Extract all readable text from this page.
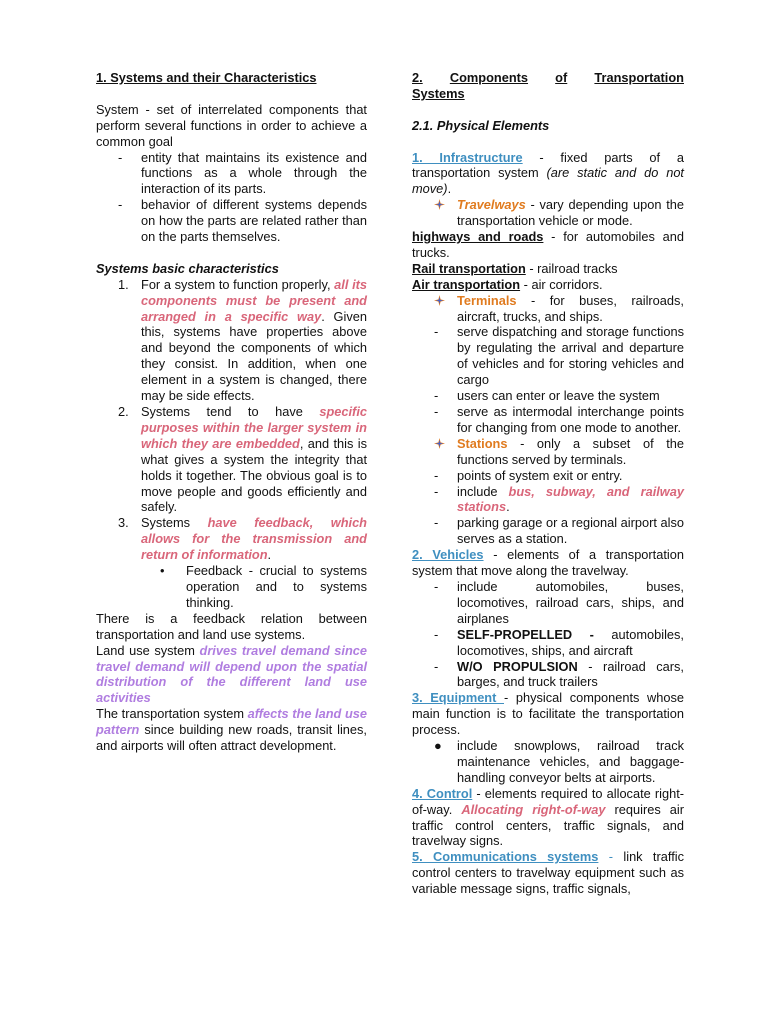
1. Systems and their Characteristics

System - set of interrelated components that perform several functions in order to achieve a common goal

-	entity that maintains its existence and functions as a whole through the interaction of its parts.
-	behavior of different systems depends on how the parts are related rather than on the parts themselves.

Systems basic characteristics

1. For a system to function properly, all its components must be present and arranged in a specific way. Given this, systems have properties above and beyond the components of which they consist. In addition, when one element in a system is changed, there may be side effects.
2. Systems tend to have specific purposes within the larger system in which they are embedded, and this is what gives a system the integrity that holds it together. The obvious goal is to move people and goods efficiently and safely.
3. Systems have feedback, which allows for the transmission and return of information.
•	Feedback - crucial to systems operation and to systems thinking.

There is a feedback relation between transportation and land use systems.

Land use system drives travel demand since travel demand will depend upon the spatial distribution of the different land use activities

The transportation system affects the land use pattern since building new roads, transit lines, and airports will often attract development.

2. Components of Transportation

Systems

2.1. Physical Elements

1. Infrastructure - fixed parts of a transportation system (are static and do not move).

Travelways - vary depending upon the transportation vehicle or mode.

highways and roads - for automobiles and trucks.

Rail transportation - railroad tracks

Air transportation - air corridors.

Terminals - for buses, railroads, aircraft, trucks, and ships.
-	serve dispatching and storage functions by regulating the arrival and departure of vehicles and for storing vehicles and cargo
-	users can enter or leave the system
-	serve as intermodal interchange points for changing from one mode to another.
Stations - only a subset of the functions served by terminals.
-	points of system exit or entry.
-	include bus, subway, and railway stations.
-	parking garage or a regional airport also serves as a station.

2. Vehicles - elements of a transportation system that move along the travelway.

-	include automobiles, buses, locomotives, railroad cars, ships, and airplanes
-	SELF-PROPELLED - automobiles, locomotives, ships, and aircraft
-	W/O PROPULSION - railroad cars, barges, and truck trailers

3. Equipment - physical components whose main function is to facilitate the transportation process.

●	include snowplows, railroad track maintenance vehicles, and baggage-handling conveyor belts at airports.

4. Control - elements required to allocate right-of-way. Allocating right-of-way requires air traffic control centers, traffic signals, and travelway signs.

5. Communications systems - link traffic control centers to travelway equipment such as variable message signs, traffic signals,
